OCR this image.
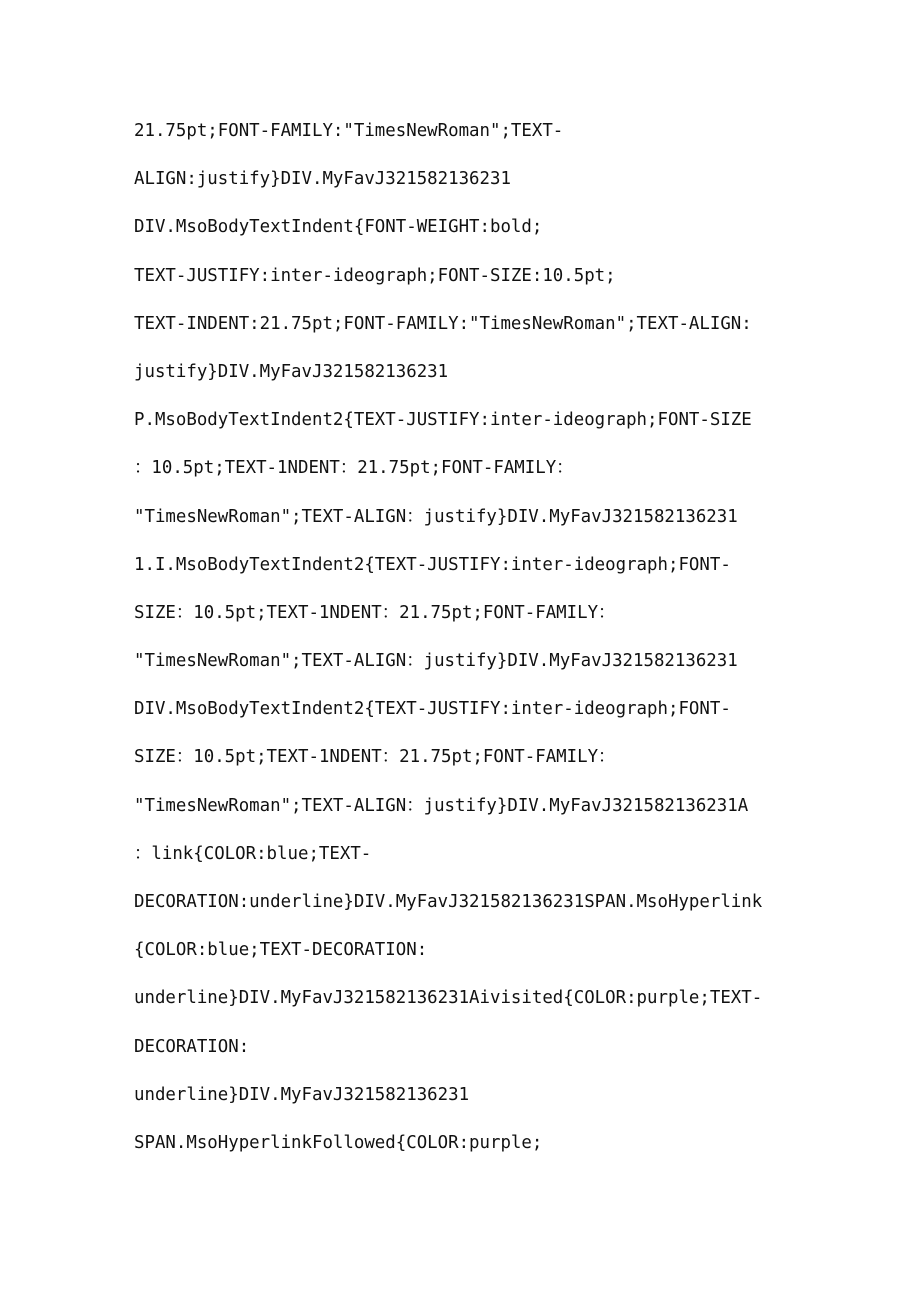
21.75pt;FONT-FAMILY:"TimesNewRoman";TEXT-
ALIGN:justify}DIV.MyFavJ321582136231
DIV.MsoBodyTextIndent{FONT-WEIGHT:bold;
TEXT-JUSTIFY:inter-ideograph;FONT-SIZE:10.5pt;
TEXT-INDENT:21.75pt;FONT-FAMILY:"TimesNewRoman";TEXT-ALIGN:
justify}DIV.MyFavJ321582136231
P.MsoBodyTextIndent2{TEXT-JUSTIFY:inter-ideograph;FONT-SIZE
：10.5pt;TEXT-1NDENT：21.75pt;FONT-FAMILY：
"TimesNewRoman";TEXT-ALIGN：justify}DIV.MyFavJ321582136231
1.I.MsoBodyTextIndent2{TEXT-JUSTIFY:inter-ideograph;FONT-
SIZE：10.5pt;TEXT-1NDENT：21.75pt;FONT-FAMILY：
"TimesNewRoman";TEXT-ALIGN：justify}DIV.MyFavJ321582136231
DIV.MsoBodyTextIndent2{TEXT-JUSTIFY:inter-ideograph;FONT-
SIZE：10.5pt;TEXT-1NDENT：21.75pt;FONT-FAMILY：
"TimesNewRoman";TEXT-ALIGN：justify}DIV.MyFavJ321582136231A
：link{COLOR:blue;TEXT-
DECORATION:underline}DIV.MyFavJ321582136231SPAN.MsoHyperlink
{COLOR:blue;TEXT-DECORATION:
underline}DIV.MyFavJ321582136231Aivisited{COLOR:purple;TEXT-
DECORATION:
underline}DIV.MyFavJ321582136231
SPAN.MsoHyperlinkFollowed{COLOR:purple;
